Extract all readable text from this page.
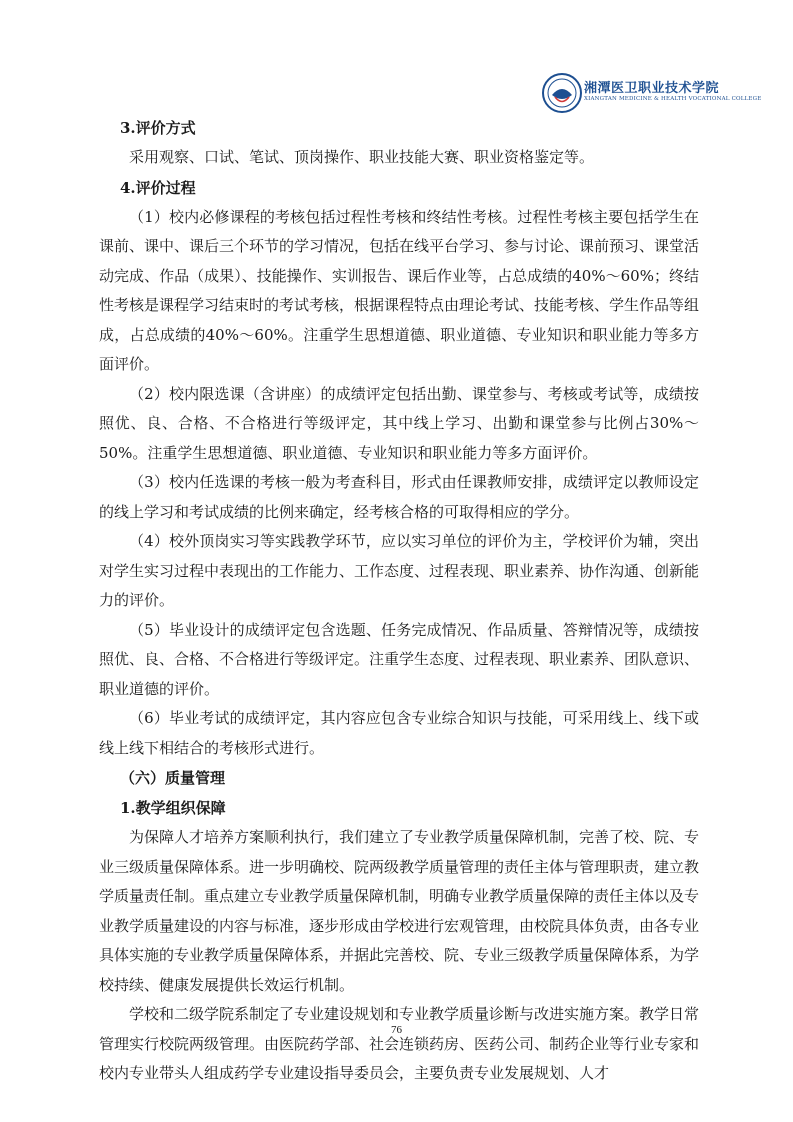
湘潭医卫职业技术学院
XIANGTAN MEDICINE & HEALTH VOCATIONAL COLLEGE
3.评价方式

采用观察、口试、笔试、顶岗操作、职业技能大赛、职业资格鉴定等。

4.评价过程

（1）校内必修课程的考核包括过程性考核和终结性考核。过程性考核主要包括学生在课前、课中、课后三个环节的学习情况，包括在线平台学习、参与讨论、课前预习、课堂活动完成、作品（成果）、技能操作、实训报告、课后作业等，占总成绩的40%～60%；终结性考核是课程学习结束时的考试考核，根据课程特点由理论考试、技能考核、学生作品等组成，占总成绩的40%～60%。注重学生思想道德、职业道德、专业知识和职业能力等多方面评价。

（2）校内限选课（含讲座）的成绩评定包括出勤、课堂参与、考核或考试等，成绩按照优、良、合格、不合格进行等级评定，其中线上学习、出勤和课堂参与比例占30%～50%。注重学生思想道德、职业道德、专业知识和职业能力等多方面评价。

（3）校内任选课的考核一般为考查科目，形式由任课教师安排，成绩评定以教师设定的线上学习和考试成绩的比例来确定，经考核合格的可取得相应的学分。

（4）校外顶岗实习等实践教学环节，应以实习单位的评价为主，学校评价为辅，突出对学生实习过程中表现出的工作能力、工作态度、过程表现、职业素养、协作沟通、创新能力的评价。

（5）毕业设计的成绩评定包含选题、任务完成情况、作品质量、答辩情况等，成绩按照优、良、合格、不合格进行等级评定。注重学生态度、过程表现、职业素养、团队意识、职业道德的评价。

（6）毕业考试的成绩评定，其内容应包含专业综合知识与技能，可采用线上、线下或线上线下相结合的考核形式进行。

（六）质量管理
1.教学组织保障

为保障人才培养方案顺利执行，我们建立了专业教学质量保障机制，完善了校、院、专业三级质量保障体系。进一步明确校、院两级教学质量管理的责任主体与管理职责，建立教学质量责任制。重点建立专业教学质量保障机制，明确专业教学质量保障的责任主体以及专业教学质量建设的内容与标准，逐步形成由学校进行宏观管理，由校院具体负责，由各专业具体实施的专业教学质量保障体系，并据此完善校、院、专业三级教学质量保障体系，为学校持续、健康发展提供长效运行机制。

学校和二级学院系制定了专业建设规划和专业教学质量诊断与改进实施方案。教学日常管理实行校院两级管理。由医院药学部、社会连锁药房、医药公司、制药企业等行业专家和校内专业带头人组成药学专业建设指导委员会，主要负责专业发展规划、人才

76
